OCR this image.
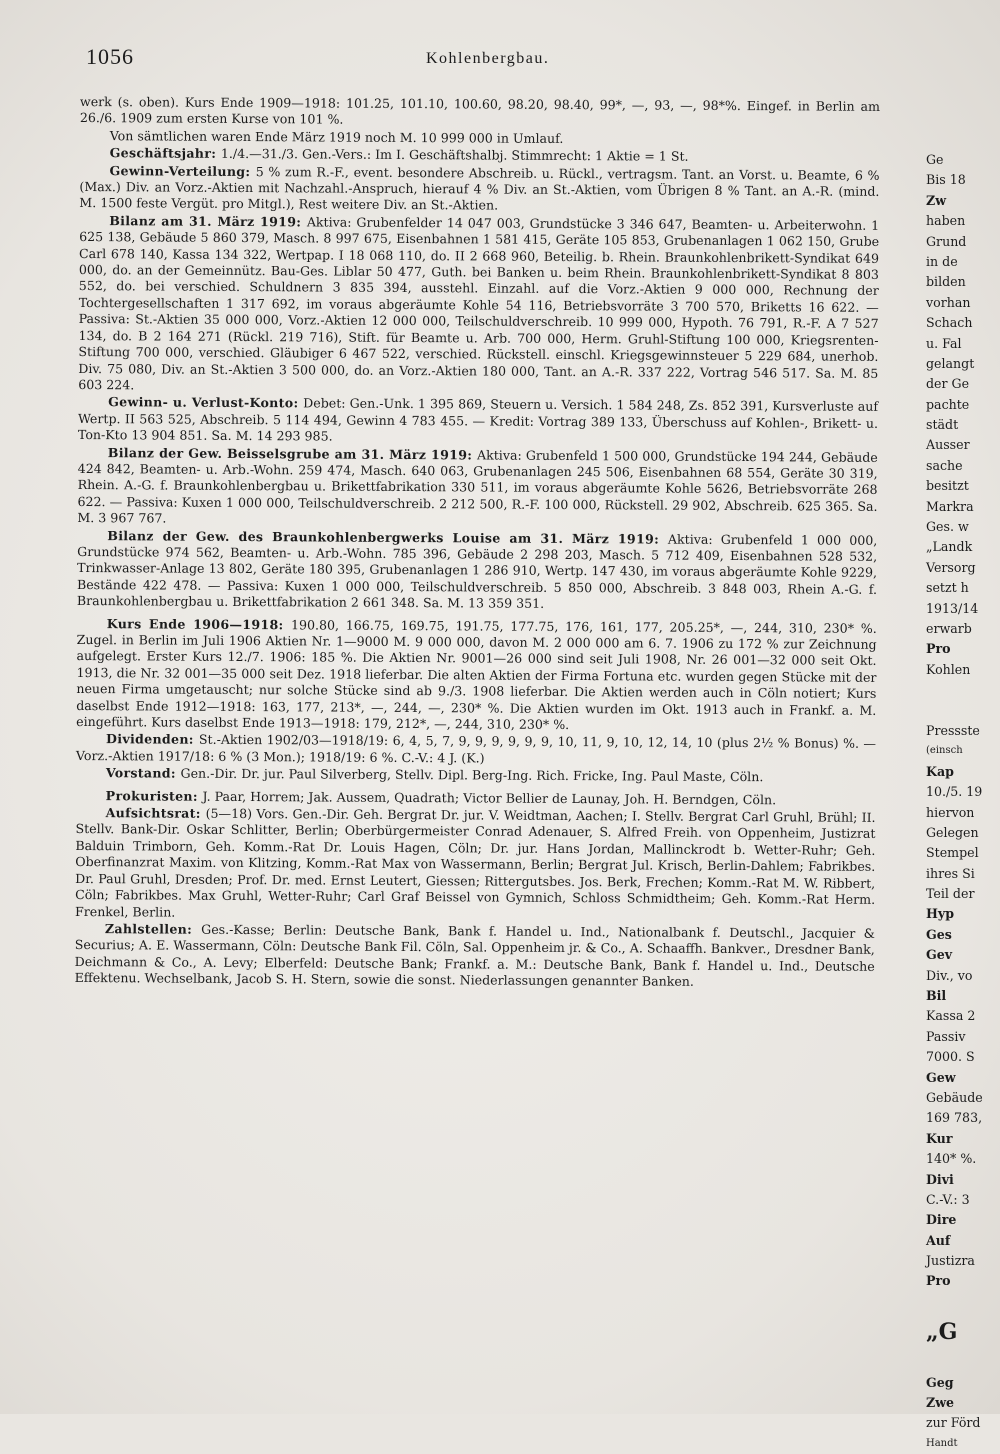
1056	Kohlenbergbau.

werk (s. oben). Kurs Ende 1909—1918: 101.25, 101.10, 100.60, 98.20, 98.40, 99*, —, 93, —, 98*%. Eingef. in Berlin am 26./6. 1909 zum ersten Kurse von 101 %.

Von sämtlichen waren Ende März 1919 noch M. 10 999 000 in Umlauf.

Geschäftsjahr: 1./4.—31./3. Gen.-Vers.: Im I. Geschäftshalbj. Stimmrecht: 1 Aktie = 1 St.

Gewinn-Verteilung: 5 % zum R.-F., event. besondere Abschreib. u. Rückl., vertragsm. Tant. an Vorst. u. Beamte, 6 % (Max.) Div. an Vorz.-Aktien mit Nachzahl.-Anspruch, hierauf 4 % Div. an St.-Aktien, vom Übrigen 8 % Tant. an A.-R. (mind. M. 1500 feste Vergüt. pro Mitgl.), Rest weitere Div. an St.-Aktien.

Bilanz am 31. März 1919: Aktiva: Grubenfelder 14 047 003, Grundstücke 3 346 647, Beamten- u. Arbeiterwohn. 1 625 138, Gebäude 5 860 379, Masch. 8 997 675, Eisenbahnen 1 581 415, Geräte 105 853, Grubenanlagen 1 062 150, Grube Carl 678 140, Kassa 134 322, Wertpap. I 18 068 110, do. II 2 668 960, Beteilig. b. Rhein. Braunkohlenbrikett-Syndikat 649 000, do. an der Gemeinnütz. Bau-Ges. Liblar 50 477, Guth. bei Banken u. beim Rhein. Braunkohlenbrikett-Syndikat 8 803 552, do. bei verschied. Schuldnern 3 835 394, ausstehl. Einzahl. auf die Vorz.-Aktien 9 000 000, Rechnung der Tochtergesellschaften 1 317 692, im voraus abgeräumte Kohle 54 116, Betriebsvorräte 3 700 570, Briketts 16 622. — Passiva: St.-Aktien 35 000 000, Vorz.-Aktien 12 000 000, Teilschuldverschreib. 10 999 000, Hypoth. 76 791, R.-F. A 7 527 134, do. B 2 164 271 (Rückl. 219 716), Stift. für Beamte u. Arb. 700 000, Herm. Gruhl-Stiftung 100 000, Kriegsrenten-Stiftung 700 000, verschied. Gläubiger 6 467 522, verschied. Rückstell. einschl. Kriegsgewinnsteuer 5 229 684, unerhob. Div. 75 080, Div. an St.-Aktien 3 500 000, do. an Vorz.-Aktien 180 000, Tant. an A.-R. 337 222, Vortrag 546 517. Sa. M. 85 603 224.

Gewinn- u. Verlust-Konto: Debet: Gen.-Unk. 1 395 869, Steuern u. Versich. 1 584 248, Zs. 852 391, Kursverluste auf Wertp. II 563 525, Abschreib. 5 114 494, Gewinn 4 783 455. — Kredit: Vortrag 389 133, Überschuss auf Kohlen-, Brikett- u. Ton-Kto 13 904 851. Sa. M. 14 293 985.

Bilanz der Gew. Beisselsgrube am 31. März 1919: Aktiva: Grubenfeld 1 500 000, Grundstücke 194 244, Gebäude 424 842, Beamten- u. Arb.-Wohn. 259 474, Masch. 640 063, Grubenanlagen 245 506, Eisenbahnen 68 554, Geräte 30 319, Rhein. A.-G. f. Braunkohlenbergbau u. Brikettfabrikation 330 511, im voraus abgeräumte Kohle 5626, Betriebsvorräte 268 622. — Passiva: Kuxen 1 000 000, Teilschuldverschreib. 2 212 500, R.-F. 100 000, Rückstell. 29 902, Abschreib. 625 365. Sa. M. 3 967 767.

Bilanz der Gew. des Braunkohlenbergwerks Louise am 31. März 1919: Aktiva: Grubenfeld 1 000 000, Grundstücke 974 562, Beamten- u. Arb.-Wohn. 785 396, Gebäude 2 298 203, Masch. 5 712 409, Eisenbahnen 528 532, Trinkwasser-Anlage 13 802, Geräte 180 395, Grubenanlagen 1 286 910, Wertp. 147 430, im voraus abgeräumte Kohle 9229, Bestände 422 478. — Passiva: Kuxen 1 000 000, Teilschuldverschreib. 5 850 000, Abschreib. 3 848 003, Rhein A.-G. f. Braunkohlenbergbau u. Brikettfabrikation 2 661 348. Sa. M. 13 359 351.

Kurs Ende 1906—1918: 190.80, 166.75, 169.75, 191.75, 177.75, 176, 161, 177, 205.25*, —, 244, 310, 230* %. Zugel. in Berlin im Juli 1906 Aktien Nr. 1—9000 M. 9 000 000, davon M. 2 000 000 am 6. 7. 1906 zu 172 % zur Zeichnung aufgelegt. Erster Kurs 12./7. 1906: 185 %. Die Aktien Nr. 9001—26 000 sind seit Juli 1908, Nr. 26 001—32 000 seit Okt. 1913, die Nr. 32 001—35 000 seit Dez. 1918 lieferbar. Die alten Aktien der Firma Fortuna etc. wurden gegen Stücke mit der neuen Firma umgetauscht; nur solche Stücke sind ab 9./3. 1908 lieferbar. Die Aktien werden auch in Cöln notiert; Kurs daselbst Ende 1912—1918: 163, 177, 213*, —, 244, —, 230* %. Die Aktien wurden im Okt. 1913 auch in Frankf. a. M. eingeführt. Kurs daselbst Ende 1913—1918: 179, 212*, —, 244, 310, 230* %.

Dividenden: St.-Aktien 1902/03—1918/19: 6, 4, 5, 7, 9, 9, 9, 9, 9, 9, 10, 11, 9, 10, 12, 14, 10 (plus 2½ % Bonus) %. — Vorz.-Aktien 1917/18: 6 % (3 Mon.); 1918/19: 6 %. C.-V.: 4 J. (K.)

Vorstand: Gen.-Dir. Dr. jur. Paul Silverberg, Stellv. Dipl. Berg-Ing. Rich. Fricke, Ing. Paul Maste, Cöln.

Prokuristen: J. Paar, Horrem; Jak. Aussem, Quadrath; Victor Bellier de Launay, Joh. H. Berndgen, Cöln.

Aufsichtsrat: (5—18) Vors. Gen.-Dir. Geh. Bergrat Dr. jur. V. Weidtman, Aachen; I. Stellv. Bergrat Carl Gruhl, Brühl; II. Stellv. Bank-Dir. Oskar Schlitter, Berlin; Oberbürgermeister Conrad Adenauer, S. Alfred Freih. von Oppenheim, Justizrat Balduin Trimborn, Geh. Komm.-Rat Dr. Louis Hagen, Cöln; Dr. jur. Hans Jordan, Mallinckrodt b. Wetter-Ruhr; Geh. Oberfinanzrat Maxim. von Klitzing, Komm.-Rat Max von Wassermann, Berlin; Bergrat Jul. Krisch, Berlin-Dahlem; Fabrikbes. Dr. Paul Gruhl, Dresden; Prof. Dr. med. Ernst Leutert, Giessen; Rittergutsbes. Jos. Berk, Frechen; Komm.-Rat M. W. Ribbert, Cöln; Fabrikbes. Max Gruhl, Wetter-Ruhr; Carl Graf Beissel von Gymnich, Schloss Schmidtheim; Geh. Komm.-Rat Herm. Frenkel, Berlin.

Zahlstellen: Ges.-Kasse; Berlin: Deutsche Bank, Bank f. Handel u. Ind., Nationalbank f. Deutschl., Jacquier & Securius; A. E. Wassermann, Cöln: Deutsche Bank Fil. Cöln, Sal. Oppenheim jr. & Co., A. Schaaffh. Bankver., Dresdner Bank, Deichmann & Co., A. Levy; Elberfeld: Deutsche Bank; Frankf. a. M.: Deutsche Bank, Bank f. Handel u. Ind., Deutsche Effektenu. Wechselbank, Jacob S. H. Stern, sowie die sonst. Niederlassungen genannter Banken.

Ge
Bis 18
Zw
haben
Grund
in de
bilden
vorhan
Schach
u. Fal
gelangt
der Ge
pachte
städt
Ausser
sache
besitzt
Markra
Ges. w
„Landk
Versorg
setzt h
1913/14
erwarb
Pro
Kohlen
Pressste
(einsch
Kap
10./5. 19
hiervon
Gelegen
Stempel
ihres Si
Teil der
Hyp
Ges
Gev
Div., vo
Bil
Kassa 2
Passiv
7000. S
Gew
Gebäude
169 783,
Kur
140* %.
Divi
C.-V.: 3
Dire
Auf
Justizra
Pro
„G
Geg
Zwe
zur Förd
Handt
